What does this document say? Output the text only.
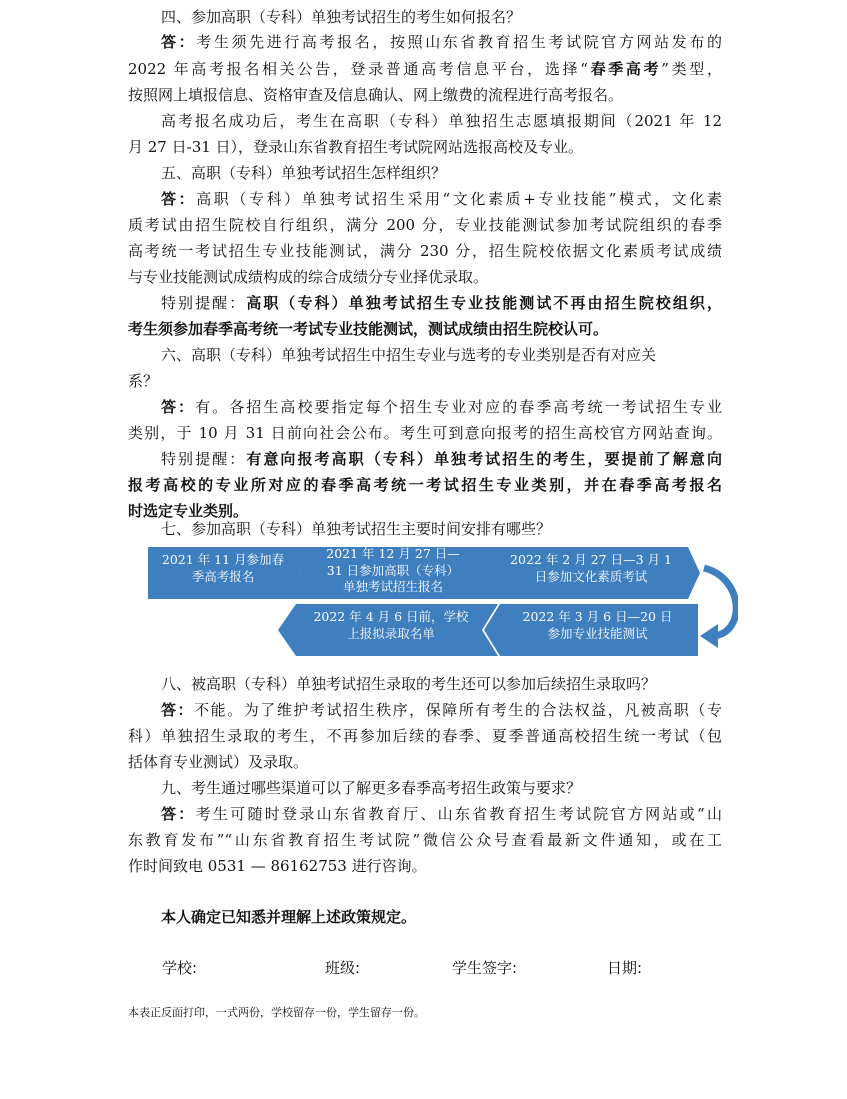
四、参加高职（专科）单独考试招生的考生如何报名？
答：考生须先进行高考报名，按照山东省教育招生考试院官方网站发布的
2022 年高考报名相关公告，登录普通高考信息平台，选择“春季高考”类型，
按照网上填报信息、资格审查及信息确认、网上缴费的流程进行高考报名。
高考报名成功后，考生在高职（专科）单独招生志愿填报期间（2021 年 12
月 27 日-31 日），登录山东省教育招生考试院网站选报高校及专业。
五、高职（专科）单独考试招生怎样组织？
答：高职（专科）单独考试招生采用“文化素质+专业技能”模式，文化素
质考试由招生院校自行组织，满分 200 分，专业技能测试参加考试院组织的春季
高考统一考试招生专业技能测试，满分 230 分，招生院校依据文化素质考试成绩
与专业技能测试成绩构成的综合成绩分专业择优录取。
特别提醒：高职（专科）单独考试招生专业技能测试不再由招生院校组织，
考生须参加春季高考统一考试专业技能测试，测试成绩由招生院校认可。
六、高职（专科）单独考试招生中招生专业与选考的专业类别是否有对应关
系？
答：有。各招生高校要指定每个招生专业对应的春季高考统一考试招生专业
类别，于 10 月 31 日前向社会公布。考生可到意向报考的招生高校官方网站查询。
特别提醒：有意向报考高职（专科）单独考试招生的考生，要提前了解意向
报考高校的专业所对应的春季高考统一考试招生专业类别，并在春季高考报名
时选定专业类别。
七、参加高职（专科）单独考试招生主要时间安排有哪些？
2021 年 11 月参加春
季高考报名
2021 年 12 月 27 日—
31 日参加高职（专科）
单独考试招生报名
2022 年 2 月 27 日—3 月 1
日参加文化素质考试
2022 年 3 月 6 日—20 日
参加专业技能测试
2022 年 4 月 6 日前，学校
上报拟录取名单
八、被高职（专科）单独考试招生录取的考生还可以参加后续招生录取吗？
答：不能。为了维护考试招生秩序，保障所有考生的合法权益，凡被高职（专
科）单独招生录取的考生，不再参加后续的春季、夏季普通高校招生统一考试（包
括体育专业测试）及录取。
九、考生通过哪些渠道可以了解更多春季高考招生政策与要求？
答：考生可随时登录山东省教育厅、山东省教育招生考试院官方网站或“山
东教育发布”“山东省教育招生考试院”微信公众号查看最新文件通知，或在工
作时间致电 0531 — 86162753 进行咨询。
本人确定已知悉并理解上述政策规定。
学校:	班级:	学生签字:	日期:
本表正反面打印，一式两份，学校留存一份，学生留存一份。
